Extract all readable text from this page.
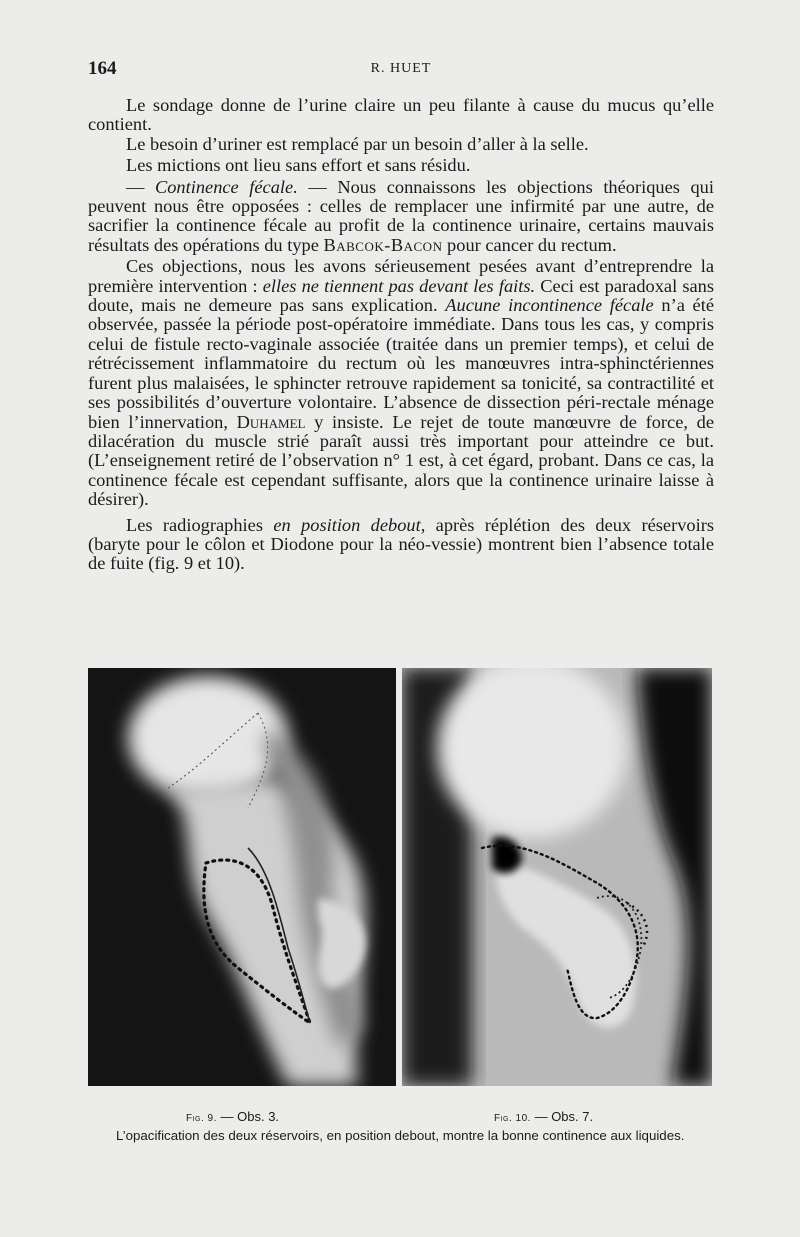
164	R. HUET

Le sondage donne de l’urine claire un peu filante à cause du mucus qu’elle contient.

Le besoin d’uriner est remplacé par un besoin d’aller à la selle.

Les mictions ont lieu sans effort et sans résidu.

— Continence fécale. — Nous connaissons les objections théoriques qui peuvent nous être opposées : celles de remplacer une infirmité par une autre, de sacrifier la continence fécale au profit de la continence urinaire, certains mauvais résultats des opérations du type Babcok-Bacon pour cancer du rectum.

Ces objections, nous les avons sérieusement pesées avant d’entreprendre la première intervention : elles ne tiennent pas devant les faits. Ceci est paradoxal sans doute, mais ne demeure pas sans explication. Aucune incontinence fécale n’a été observée, passée la période post-opératoire immédiate. Dans tous les cas, y compris celui de fistule recto-vaginale associée (traitée dans un premier temps), et celui de rétrécissement inflammatoire du rectum où les manœuvres intra-sphinctériennes furent plus malaisées, le sphincter retrouve rapidement sa tonicité, sa contractilité et ses possibilités d’ouverture volontaire. L’absence de dissection péri-rectale ménage bien l’innervation, Duhamel y insiste. Le rejet de toute manœuvre de force, de dilacération du muscle strié paraît aussi très important pour atteindre ce but. (L’enseignement retiré de l’observation n° 1 est, à cet égard, probant. Dans ce cas, la continence fécale est cependant suffisante, alors que la continence urinaire laisse à désirer).

Les radiographies en position debout, après réplétion des deux réservoirs (baryte pour le côlon et Diodone pour la néo-vessie) montrent bien l’absence totale de fuite (fig. 9 et 10).

Fig. 9. — Obs. 3.	Fig. 10. — Obs. 7.
L’opacification des deux réservoirs, en position debout, montre la bonne continence aux liquides.
